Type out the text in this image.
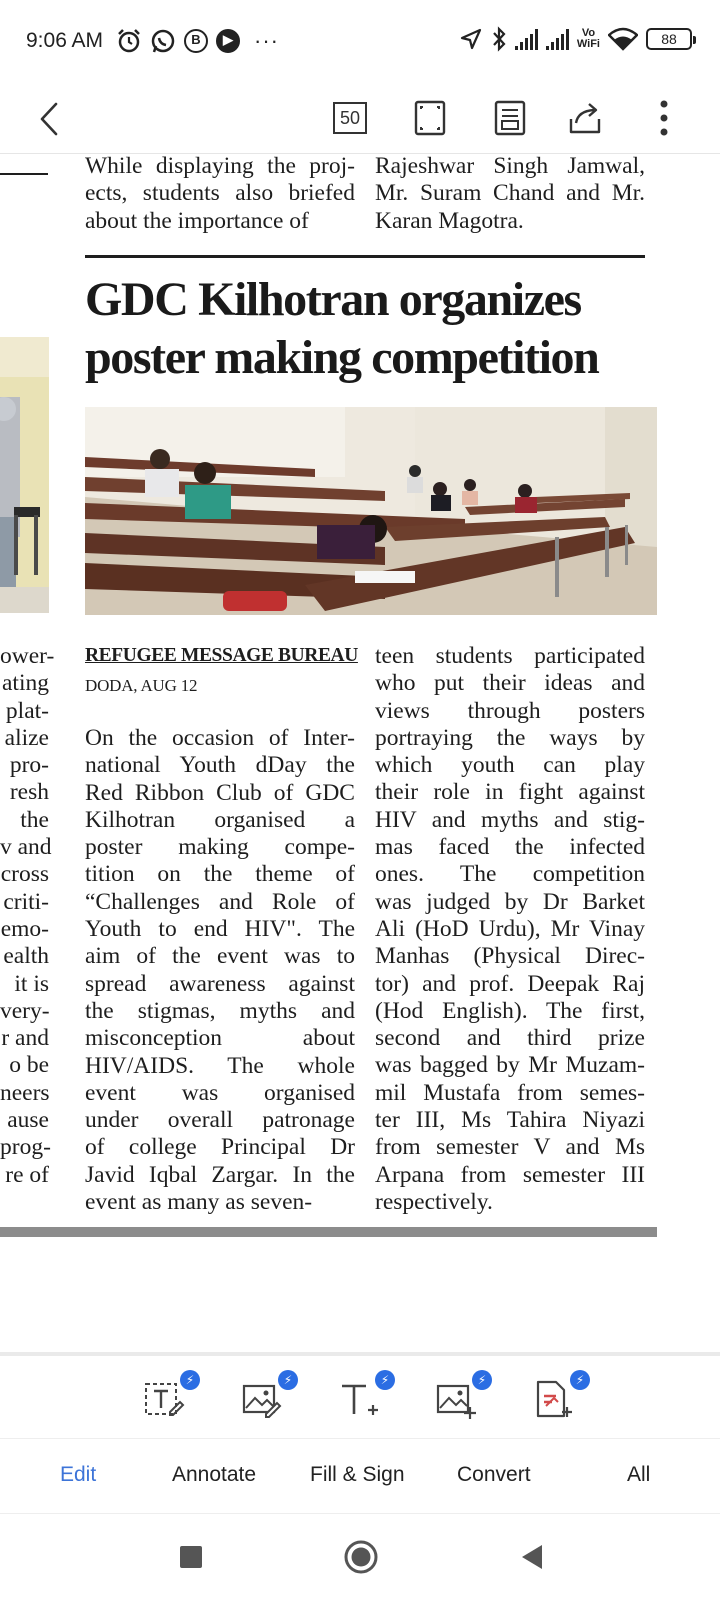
9:06 AM	B	▶ ···	Vo
WiFi	88
50
While displaying the proj-
ects, students also briefed
about the importance of
Rajeshwar Singh Jamwal,
Mr. Suram Chand and Mr.
Karan Magotra.
GDC Kilhotran organizes
poster making competition
REFUGEE MESSAGE BUREAU
DODA, AUG 12
ower-
ating
plat-
alize
pro-
resh
the
v and
cross
criti-
emo-
ealth
it is
very-
r and
o be
neers
ause
prog-
re of
On the occasion of Inter-
national Youth dDay the
Red Ribbon Club of GDC
Kilhotran organised a
poster making compe-
tition on the theme of
“Challenges and Role of
Youth to end HIV". The
aim of the event was to
spread awareness against
the stigmas, myths and
misconception about
HIV/AIDS. The whole
event was organised
under overall patronage
of college Principal Dr
Javid Iqbal Zargar. In the
event as many as seven-
teen students participated
who put their ideas and
views through posters
portraying the ways by
which youth can play
their role in fight against
HIV and myths and stig-
mas faced the infected
ones. The competition
was judged by Dr Barket
Ali (HoD Urdu), Mr Vinay
Manhas (Physical Direc-
tor) and prof. Deepak Raj
(Hod English). The first,
second and third prize
was bagged by Mr Muzam-
mil Mustafa from semes-
ter III, Ms Tahira Niyazi
from semester V and Ms
Arpana from semester III
respectively.
⚡	⚡	⚡	⚡	⚡
Edit	Annotate	Fill & Sign Convert	All
